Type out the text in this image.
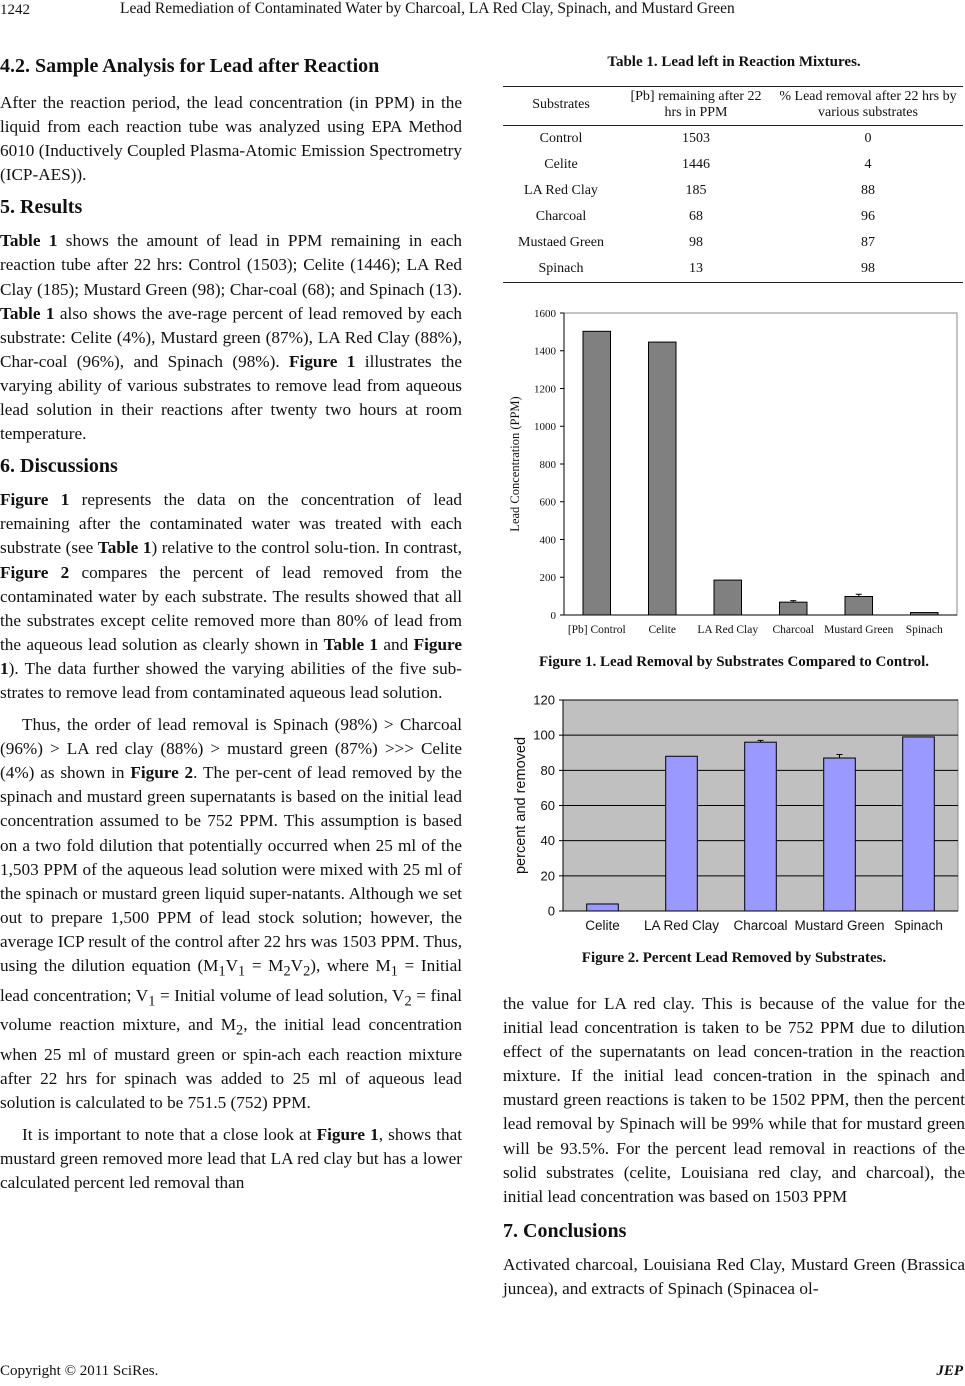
1242	Lead Remediation of Contaminated Water by Charcoal, LA Red Clay, Spinach, and Mustard Green
4.2. Sample Analysis for Lead after Reaction

After the reaction period, the lead concentration (in PPM) in the liquid from each reaction tube was analyzed using EPA Method 6010 (Inductively Coupled Plasma-Atomic Emission Spectrometry (ICP-AES)).

5. Results

Table 1 shows the amount of lead in PPM remaining in each reaction tube after 22 hrs: Control (1503); Celite (1446); LA Red Clay (185); Mustard Green (98); Char-coal (68); and Spinach (13). Table 1 also shows the ave-rage percent of lead removed by each substrate: Celite (4%), Mustard green (87%), LA Red Clay (88%), Char-coal (96%), and Spinach (98%). Figure 1 illustrates the varying ability of various substrates to remove lead from aqueous lead solution in their reactions after twenty two hours at room temperature.

6. Discussions

Figure 1 represents the data on the concentration of lead remaining after the contaminated water was treated with each substrate (see Table 1) relative to the control solu-tion. In contrast, Figure 2 compares the percent of lead removed from the contaminated water by each substrate. The results showed that all the substrates except celite removed more than 80% of lead from the aqueous lead solution as clearly shown in Table 1 and Figure 1). The data further showed the varying abilities of the five sub-strates to remove lead from contaminated aqueous lead solution.

Thus, the order of lead removal is Spinach (98%) > Charcoal (96%) > LA red clay (88%) > mustard green (87%) >>> Celite (4%) as shown in Figure 2. The per-cent of lead removed by the spinach and mustard green supernatants is based on the initial lead concentration assumed to be 752 PPM. This assumption is based on a two fold dilution that potentially occurred when 25 ml of the 1,503 PPM of the aqueous lead solution were mixed with 25 ml of the spinach or mustard green liquid super-natants. Although we set out to prepare 1,500 PPM of lead stock solution; however, the average ICP result of the control after 22 hrs was 1503 PPM. Thus, using the dilution equation $(M_1V_1 = M_2V_2)$, where $M_1$ = Initial lead concentration; $V_1$ = Initial volume of lead solution, $V_2$ = final volume reaction mixture, and $M_2$, the initial lead concentration when 25 ml of mustard green or spin-ach each reaction mixture after 22 hrs for spinach was added to 25 ml of aqueous lead solution is calculated to be 751.5 (752) PPM.

It is important to note that a close look at Figure 1, shows that mustard green removed more lead that LA red clay but has a lower calculated percent led removal than

Table 1. Lead left in Reaction Mixtures.

Substrates	[Pb] remaining after 22 hrs in PPM	% Lead removal after 22 hrs by various substrates
Control	1503	0
Celite	1446	4
LA Red Clay	185	88
Charcoal	68	96
Mustaed Green	98	87
Spinach	13	98
0
200
400
600
800
1000
1200
1400
1600
[Pb] Control Celite LA Red Clay Charcoal Mustard Green Spinach
Lead Concentration (PPM)

Figure 1. Lead Removal by Substrates Compared to Control.

0
20
40
60
80
100
120
Celite LA Red Clay Charcoal Mustard Green Spinach
percent and removed

Figure 2. Percent Lead Removed by Substrates.

the value for LA red clay. This is because of the value for the initial lead concentration is taken to be 752 PPM due to dilution effect of the supernatants on lead concen-tration in the reaction mixture. If the initial lead concen-tration in the spinach and mustard green reactions is taken to be 1502 PPM, then the percent lead removal by Spinach will be 99% while that for mustard green will be 93.5%. For the percent lead removal in reactions of the solid substrates (celite, Louisiana red clay, and charcoal), the initial lead concentration was based on 1503 PPM

7. Conclusions

Activated charcoal, Louisiana Red Clay, Mustard Green (Brassica juncea), and extracts of Spinach (Spinacea ol-

Copyright © 2011 SciRes.	JEP
